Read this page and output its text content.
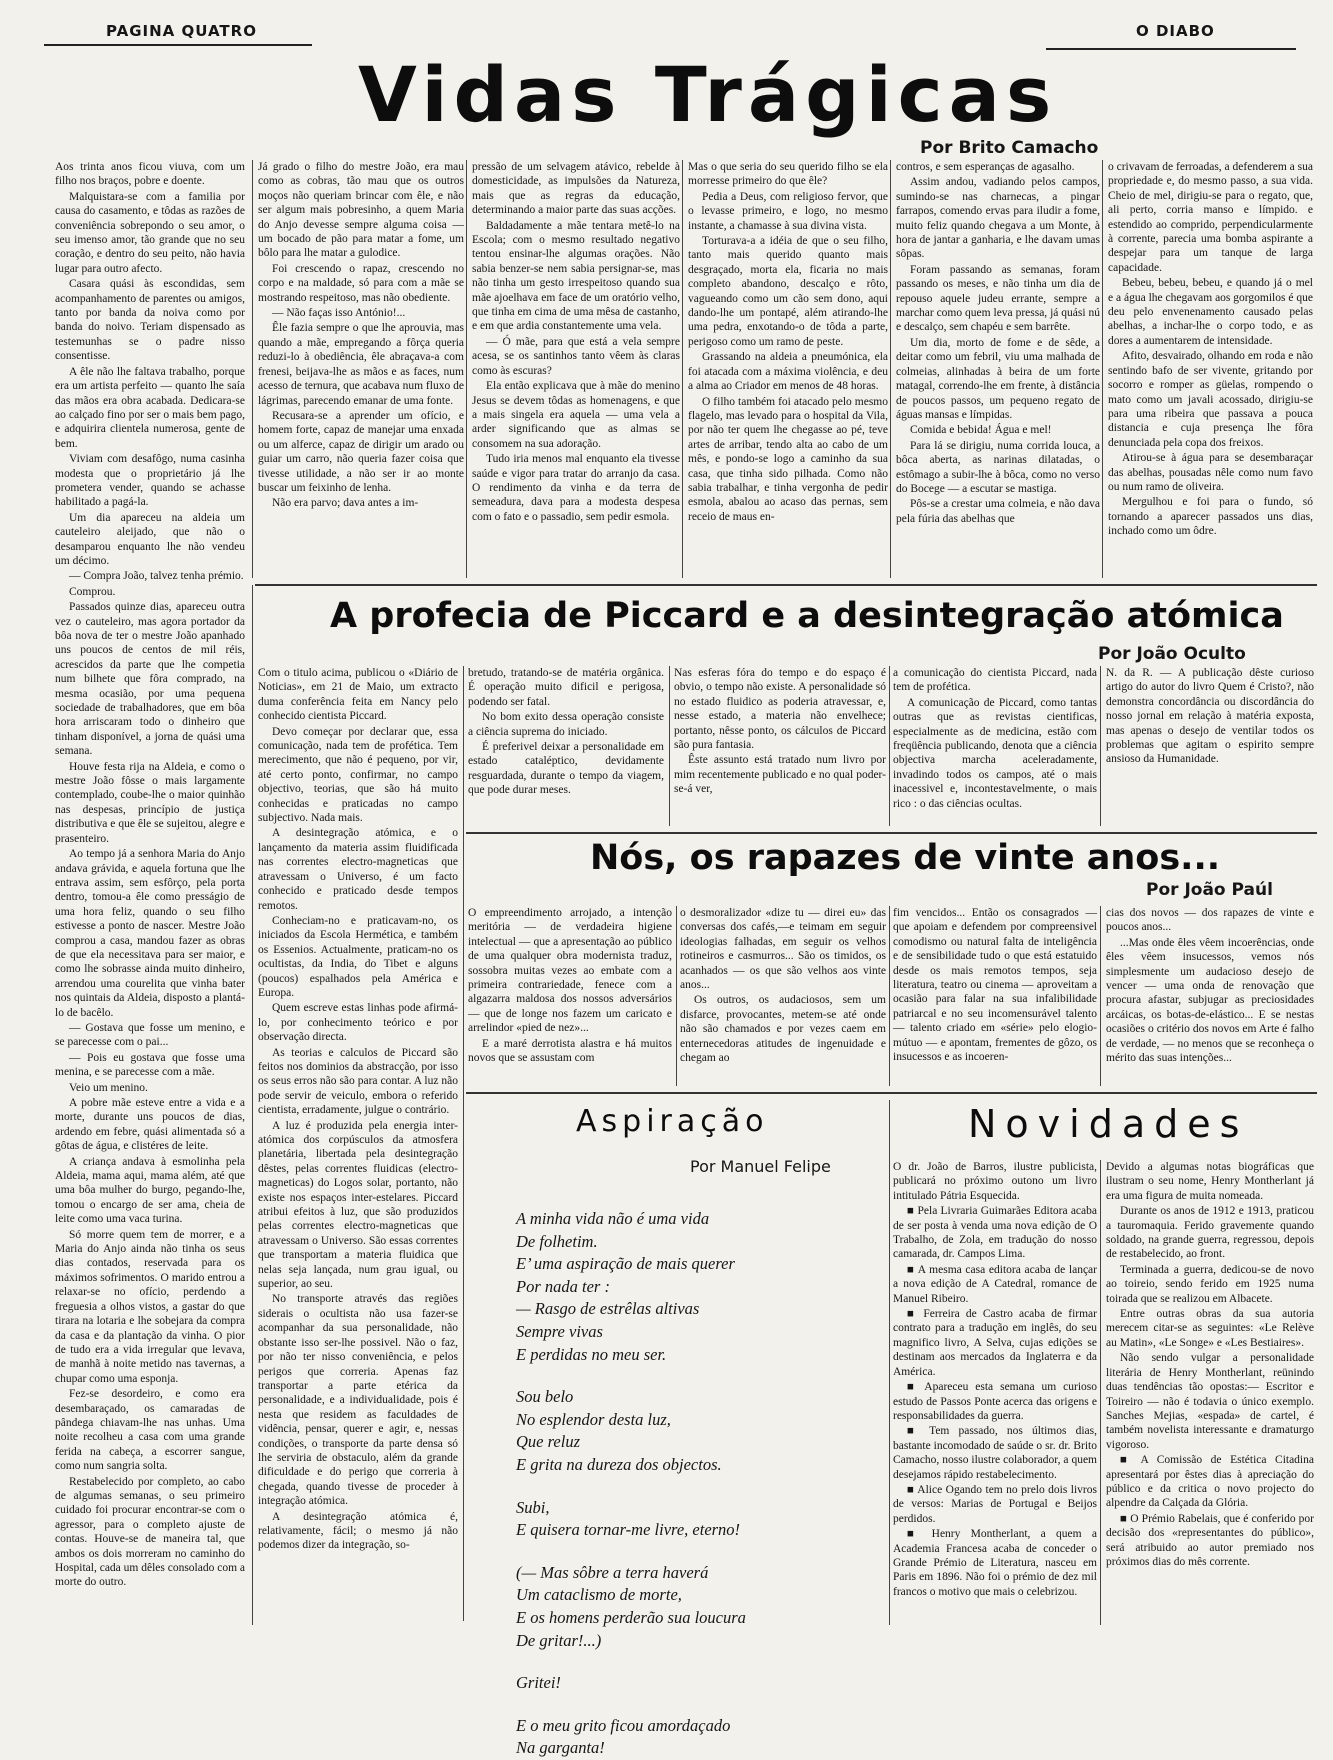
PAGINA QUATRO	O DIABO
Vidas Trágicas
Por Brito Camacho

Aos trinta anos ficou viuva, com um filho nos braços, pobre e doente.

Malquistara-se com a familia por causa do casamento, e tôdas as razões de conveniência sobrepondo o seu amor, o seu imenso amor, tão grande que no seu coração, e dentro do seu peito, não havia lugar para outro afecto.

Casara quási às escondidas, sem acompanhamento de parentes ou amigos, tanto por banda da noiva como por banda do noivo. Teriam dispensado as testemunhas se o padre nisso consentisse.

A êle não lhe faltava trabalho, porque era um artista perfeito — quanto lhe saía das mãos era obra acabada. Dedicara-se ao calçado fino por ser o mais bem pago, e adquirira clientela numerosa, gente de bem.

Viviam com desafôgo, numa casinha modesta que o proprietário já lhe prometera vender, quando se achasse habilitado a pagá-la.

Um dia apareceu na aldeia um cauteleiro aleijado, que não o desamparou enquanto lhe não vendeu um décimo.

— Compra João, talvez tenha prémio.

Comprou.

Passados quinze dias, apareceu outra vez o cauteleiro, mas agora portador da bôa nova de ter o mestre João apanhado uns poucos de centos de mil réis, acrescidos da parte que lhe competia num bilhete que fôra comprado, na mesma ocasião, por uma pequena sociedade de trabalhadores, que em bôa hora arriscaram todo o dinheiro que tinham disponível, a jorna de quási uma semana.

Houve festa rija na Aldeia, e como o mestre João fôsse o mais largamente contemplado, coube-lhe o maior quinhão nas despesas, princípio de justiça distributiva e que êle se sujeitou, alegre e prasenteiro.

Ao tempo já a senhora Maria do Anjo andava grávida, e aquela fortuna que lhe entrava assim, sem esfôrço, pela porta dentro, tomou-a êle como presságio de uma hora feliz, quando o seu filho estivesse a ponto de nascer. Mestre João comprou a casa, mandou fazer as obras de que ela necessitava para ser maior, e como lhe sobrasse ainda muito dinheiro, arrendou uma courelita que vinha bater nos quintais da Aldeia, disposto a plantá-lo de bacêlo.

— Gostava que fosse um menino, e se parecesse com o pai...

— Pois eu gostava que fosse uma menina, e se parecesse com a mãe.

Veio um menino.

A pobre mãe esteve entre a vida e a morte, durante uns poucos de dias, ardendo em febre, quási alimentada só a gôtas de água, e clistéres de leite.

A criança andava à esmolinha pela Aldeia, mama aqui, mama além, até que uma bôa mulher do burgo, pegando-lhe, tomou o encargo de ser ama, cheia de leite como uma vaca turina.

Só morre quem tem de morrer, e a Maria do Anjo ainda não tinha os seus dias contados, reservada para os máximos sofrimentos. O marido entrou a relaxar-se no ofício, perdendo a freguesia a olhos vistos, a gastar do que tirara na lotaria e lhe sobejara da compra da casa e da plantação da vinha. O pior de tudo era a vida irregular que levava, de manhã à noite metido nas tavernas, a chupar como uma esponja.

Fez-se desordeiro, e como era desembaraçado, os camaradas de pândega chiavam-lhe nas unhas. Uma noite recolheu a casa com uma grande ferida na cabeça, a escorrer sangue, como num sangria solta.

Restabelecido por completo, ao cabo de algumas semanas, o seu primeiro cuidado foi procurar encontrar-se com o agressor, para o completo ajuste de contas. Houve-se de maneira tal, que ambos os dois morreram no caminho do Hospital, cada um dêles consolado com a morte do outro.

Já grado o filho do mestre João, era mau como as cobras, tão mau que os outros moços não queriam brincar com êle, e não ser algum mais pobresinho, a quem Maria do Anjo devesse sempre alguma coisa — um bocado de pão para matar a fome, um bôlo para lhe matar a gulodice.

Foi crescendo o rapaz, crescendo no corpo e na maldade, só para com a mãe se mostrando respeitoso, mas não obediente.

— Não faças isso António!...

Êle fazia sempre o que lhe aprouvia, mas quando a mãe, empregando a fôrça queria reduzi-lo à obediência, êle abraçava-a com frenesi, beijava-lhe as mãos e as faces, num acesso de ternura, que acabava num fluxo de lágrimas, parecendo emanar de uma fonte.

Recusara-se a aprender um ofício, e homem forte, capaz de manejar uma enxada ou um alferce, capaz de dirigir um arado ou guiar um carro, não queria fazer coisa que tivesse utilidade, a não ser ir ao monte buscar um feixinho de lenha.

Não era parvo; dava antes a im-

pressão de um selvagem atávico, rebelde à domesticidade, as impulsões da Natureza, mais que as regras da educação, determinando a maior parte das suas acções.

Baldadamente a mãe tentara metê-lo na Escola; com o mesmo resultado negativo tentou ensinar-lhe algumas orações. Não sabia benzer-se nem sabia persignar-se, mas não tinha um gesto irrespeitoso quando sua mãe ajoelhava em face de um oratório velho, que tinha em cima de uma mêsa de castanho, e em que ardia constantemente uma vela.

— Ó mãe, para que está a vela sempre acesa, se os santinhos tanto vêem às claras como às escuras?

Ela então explicava que à mãe do menino Jesus se devem tôdas as homenagens, e que a mais singela era aquela — uma vela a arder significando que as almas se consomem na sua adoração.

Tudo iria menos mal enquanto ela tivesse saúde e vigor para tratar do arranjo da casa. O rendimento da vinha e da terra de semeadura, dava para a modesta despesa com o fato e o passadio, sem pedir esmola.

Mas o que seria do seu querido filho se ela morresse primeiro do que êle?

Pedia a Deus, com religioso fervor, que o levasse primeiro, e logo, no mesmo instante, a chamasse à sua divina vista.

Torturava-a a idéia de que o seu filho, tanto mais querido quanto mais desgraçado, morta ela, ficaria no mais completo abandono, descalço e rôto, vagueando como um cão sem dono, aqui dando-lhe um pontapé, além atirando-lhe uma pedra, enxotando-o de tôda a parte, perigoso como um ramo de peste.

Grassando na aldeia a pneumónica, ela foi atacada com a máxima violência, e deu a alma ao Criador em menos de 48 horas.

O filho também foi atacado pelo mesmo flagelo, mas levado para o hospital da Vila, por não ter quem lhe chegasse ao pé, teve artes de arribar, tendo alta ao cabo de um mês, e pondo-se logo a caminho da sua casa, que tinha sido pilhada. Como não sabia trabalhar, e tinha vergonha de pedir esmola, abalou ao acaso das pernas, sem receio de maus en-

contros, e sem esperanças de agasalho.

Assim andou, vadiando pelos campos, sumindo-se nas charnecas, a pingar farrapos, comendo ervas para iludir a fome, muito feliz quando chegava a um Monte, à hora de jantar a ganharia, e lhe davam umas sôpas.

Foram passando as semanas, foram passando os meses, e não tinha um dia de repouso aquele judeu errante, sempre a marchar como quem leva pressa, já quási nú e descalço, sem chapéu e sem barrête.

Um dia, morto de fome e de sêde, a deitar como um febril, viu uma malhada de colmeias, alinhadas à beira de um forte matagal, correndo-lhe em frente, à distância de poucos passos, um pequeno regato de águas mansas e límpidas.

Comida e bebida! Água e mel!

Para lá se dirigiu, numa corrida louca, a bôca aberta, as narinas dilatadas, o estômago a subir-lhe à bôca, como no verso do Bocege — a escutar se mastiga.

Pôs-se a crestar uma colmeia, e não dava pela fúria das abelhas que

o crivavam de ferroadas, a defenderem a sua propriedade e, do mesmo passo, a sua vida. Cheio de mel, dirigiu-se para o regato, que, ali perto, corria manso e límpido. e estendido ao comprido, perpendicularmente à corrente, parecia uma bomba aspirante a despejar para um tanque de larga capacidade.

Bebeu, bebeu, bebeu, e quando já o mel e a água lhe chegavam aos gorgomilos é que deu pelo envenenamento causado pelas abelhas, a inchar-lhe o corpo todo, e as dores a aumentarem de intensidade.

Afito, desvairado, olhando em roda e não sentindo bafo de ser vivente, gritando por socorro e romper as güelas, rompendo o mato como um javali acossado, dirigiu-se para uma ribeira que passava a pouca distancia e cuja presença lhe fôra denunciada pela copa dos freixos.

Atirou-se à água para se desembaraçar das abelhas, pousadas nêle como num favo ou num ramo de oliveira.

Mergulhou e foi para o fundo, só tornando a aparecer passados uns dias, inchado como um ôdre.

A profecia de Piccard e a desintegração atómica
Por João Oculto

Com o titulo acima, publicou o «Diário de Noticias», em 21 de Maio, um extracto duma conferência feita em Nancy pelo conhecido cientista Piccard.

Devo começar por declarar que, essa comunicação, nada tem de profética. Tem merecimento, que não é pequeno, por vir, até certo ponto, confirmar, no campo objectivo, teorias, que são há muito conhecidas e praticadas no campo subjectivo. Nada mais.

A desintegração atómica, e o lançamento da materia assim fluidificada nas correntes electro-magneticas que atravessam o Universo, é um facto conhecido e praticado desde tempos remotos.

Conheciam-no e praticavam-no, os iniciados da Escola Hermética, e também os Essenios. Actualmente, praticam-no os ocultistas, da India, do Tibet e alguns (poucos) espalhados pela América e Europa.

Quem escreve estas linhas pode afirmá-lo, por conhecimento teórico e por observação directa.

As teorias e calculos de Piccard são feitos nos dominios da abstracção, por isso os seus erros não são para contar. A luz não pode servir de veiculo, embora o referido cientista, erradamente, julgue o contrário.

A luz é produzida pela energia inter-atómica dos corpúsculos da atmosfera planetária, libertada pela desintegração dêstes, pelas correntes fluidicas (electro-magneticas) do Logos solar, portanto, não existe nos espaços inter-estelares. Piccard atribui efeitos à luz, que são produzidos pelas correntes electro-magneticas que atravessam o Universo. São essas correntes que transportam a materia fluidica que nelas seja lançada, num grau igual, ou superior, ao seu.

No transporte através das regiões siderais o ocultista não usa fazer-se acompanhar da sua personalidade, não obstante isso ser-lhe possivel. Não o faz, por não ter nisso conveniência, e pelos perigos que correria. Apenas faz transportar a parte etérica da personalidade, e a individualidade, pois é nesta que residem as faculdades de vidência, pensar, querer e agir, e, nessas condições, o transporte da parte densa só lhe serviria de obstaculo, além da grande dificuldade e do perigo que correria à chegada, quando tivesse de proceder à integração atómica.

A desintegração atómica é, relativamente, fácil; o mesmo já não podemos dizer da integração, so-

bretudo, tratando-se de matéria orgânica. É operação muito dificil e perigosa, podendo ser fatal.

No bom exito dessa operação consiste a ciência suprema do iniciado.

É preferivel deixar a personalidade em estado cataléptico, devidamente resguardada, durante o tempo da viagem, que pode durar meses.

Nas esferas fóra do tempo e do espaço é obvio, o tempo não existe. A personalidade só no estado fluidico as poderia atravessar, e, nesse estado, a materia não envelhece; portanto, nêsse ponto, os cálculos de Piccard são pura fantasia.

Êste assunto está tratado num livro por mim recentemente publicado e no qual poder-se-á ver,

a comunicação do cientista Piccard, nada tem de profética.

A comunicação de Piccard, como tantas outras que as revistas cientificas, especialmente as de medicina, estão com freqüência publicando, denota que a ciência objectiva marcha aceleradamente, invadindo todos os campos, até o mais inacessivel e, incontestavelmente, o mais rico : o das ciências ocultas.

N. da R. — A publicação dêste curioso artigo do autor do livro Quem é Cristo?, não demonstra concordância ou discordância do nosso jornal em relação à matéria exposta, mas apenas o desejo de ventilar todos os problemas que agitam o espirito sempre ansioso da Humanidade.

Nós, os rapazes de vinte anos...
Por João Paúl

O empreendimento arrojado, a intenção meritória — de verdadeira higiene intelectual — que a apresentação ao público de uma qualquer obra modernista traduz, sossobra muitas vezes ao embate com a primeira contrariedade, fenece com a algazarra maldosa dos nossos adversários — que de longe nos fazem um caricato e arrelindor «pied de nez»...

E a maré derrotista alastra e há muitos novos que se assustam com

o desmoralizador «dize tu — direi eu» das conversas dos cafés,—e teimam em seguir ideologias falhadas, em seguir os velhos rotineiros e casmurros... São os timidos, os acanhados — os que são velhos aos vinte anos...

Os outros, os audaciosos, sem um disfarce, provocantes, metem-se até onde não são chamados e por vezes caem em enternecedoras atitudes de ingenuidade e chegam ao

fim vencidos... Então os consagrados — que apoiam e defendem por compreensivel comodismo ou natural falta de inteligência e de sensibilidade tudo o que está estatuido desde os mais remotos tempos, seja literatura, teatro ou cinema — aproveitam a ocasião para falar na sua infalibilidade patriarcal e no seu incomensurável talento — talento criado em «série» pelo elogio-mútuo — e apontam, frementes de gôzo, os insucessos e as incoeren-

cias dos novos — dos rapazes de vinte e poucos anos...

...Mas onde êles vêem incoerências, onde êles vêem insucessos, vemos nós simplesmente um audacioso desejo de vencer — uma onda de renovação que procura afastar, subjugar as preciosidades arcáicas, os botas-de-elástico... E se nestas ocasiões o critério dos novos em Arte é falho de verdade, — no menos que se reconheça o mérito das suas intenções...

Aspiração
Por Manuel Felipe
A minha vida não é uma vida
De folhetim.
E’ uma aspiração de mais querer
Por nada ter :
— Rasgo de estrêlas altivas
Sempre vivas
E perdidas no meu ser.
Sou belo
No esplendor desta luz,
Que reluz
E grita na dureza dos objectos.
Subi,
E quisera tornar-me livre, eterno!
(— Mas sôbre a terra haverá
Um cataclismo de morte,
E os homens perderão sua loucura
De gritar!...)
Gritei!
E o meu grito ficou amordaçado
Na garganta!
Novidades

O dr. João de Barros, ilustre publicista, publicará no próximo outono um livro intitulado Pátria Esquecida.

■ Pela Livraria Guimarães Editora acaba de ser posta à venda uma nova edição de O Trabalho, de Zola, em tradução do nosso camarada, dr. Campos Lima.

■ A mesma casa editora acaba de lançar a nova edição de A Catedral, romance de Manuel Ribeiro.

■ Ferreira de Castro acaba de firmar contrato para a tradução em inglês, do seu magnifico livro, A Selva, cujas edições se destinam aos mercados da Inglaterra e da América.

■ Apareceu esta semana um curioso estudo de Passos Ponte acerca das origens e responsabilidades da guerra.

■ Tem passado, nos últimos dias, bastante incomodado de saúde o sr. dr. Brito Camacho, nosso ilustre colaborador, a quem desejamos rápido restabelecimento.

■ Alice Ogando tem no prelo dois livros de versos: Marias de Portugal e Beijos perdidos.

■ Henry Montherlant, a quem a Academia Francesa acaba de conceder o Grande Prémio de Literatura, nasceu em Paris em 1896. Não foi o prémio de dez mil francos o motivo que mais o celebrizou.

Devido a algumas notas biográficas que ilustram o seu nome, Henry Montherlant já era uma figura de muita nomeada.

Durante os anos de 1912 e 1913, praticou a tauromaquia. Ferido gravemente quando soldado, na grande guerra, regressou, depois de restabelecido, ao front.

Terminada a guerra, dedicou-se de novo ao toireio, sendo ferido em 1925 numa toirada que se realizou em Albacete.

Entre outras obras da sua autoria merecem citar-se as seguintes: «Le Relève au Matin», «Le Songe» e «Les Bestiaires».

Não sendo vulgar a personalidade literária de Henry Montherlant, reünindo duas tendências tão opostas:— Escritor e Toireiro — não é todavia o único exemplo. Sanches Mejias, «espada» de cartel, é também novelista interessante e dramaturgo vigoroso.

■ A Comissão de Estética Citadina apresentará por êstes dias à apreciação do público e da critica o novo projecto do alpendre da Calçada da Glória.

■ O Prémio Rabelais, que é conferido por decisão dos «representantes do público», será atribuido ao autor premiado nos próximos dias do mês corrente.
